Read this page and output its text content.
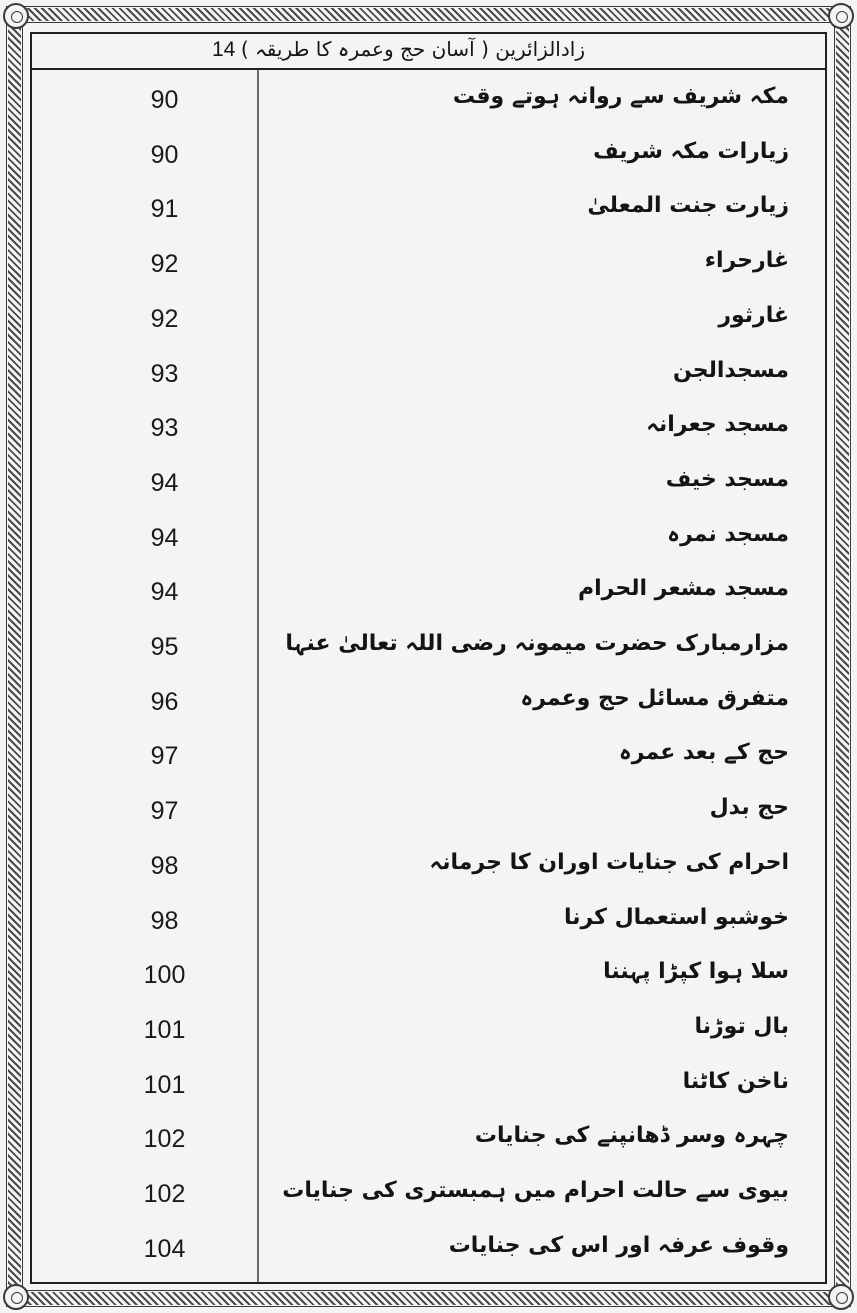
14 زادالزائرین ( آسان حج وعمرہ کا طریقہ )
90	مکہ شریف سے روانہ ہوتے وقت
90	زیارات مکہ شریف
91	زیارت جنت المعلیٰ
92	غارحراء
92	غارثور
93	مسجدالجن
93	مسجد جعرانہ
94	مسجد خیف
94	مسجد نمرہ
94	مسجد مشعر الحرام
95	مزارمبارک حضرت میمونہ رضی اللہ تعالیٰ عنہا
96	متفرق مسائل حج وعمرہ
97	حج کے بعد عمرہ
97	حج بدل
98	احرام کی جنایات اوران کا جرمانہ
98	خوشبو استعمال کرنا
100	سلا ہوا کپڑا پہننا
101	بال توڑنا
101	ناخن کاٹنا
102	چہرہ وسر ڈھانپنے کی جنایات
102	بیوی سے حالت احرام میں ہمبستری کی جنایات
104	وقوف عرفہ اور اس کی جنایات
